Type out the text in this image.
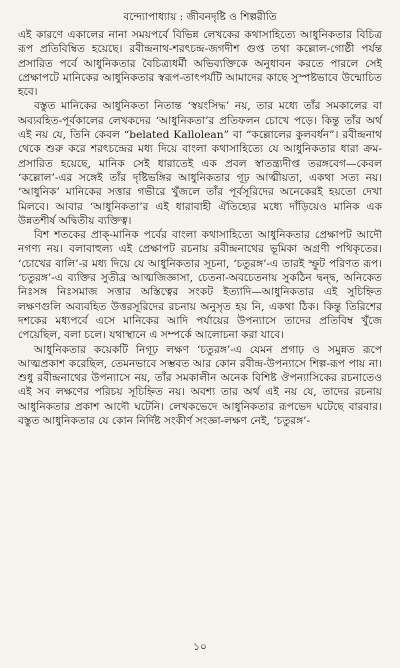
বন্দ্যোপাধ্যায় : জীবনদৃষ্টি ও শিল্পরীতি

এই কারণে একালের নানা সময়পর্বে বিভিন্ন লেখকের কথাসাহিত্যে আধুনিকতার বিচিত্র রূপ প্রতিবিম্বিত হয়েছে। রবীন্দ্রনাথ-শরৎচন্দ্র-জগদীশ গুপ্ত তথা কল্লোল-গোষ্ঠী পর্যন্ত প্রসারিত পর্বে আধুনিকতার বৈচিত্র্যধর্মী অভিব্যক্তিকে অনুধাবন করতে পারলে সেই প্রেক্ষাপটে মানিকের আধুনিকতার স্বরূপ-তাৎপর্যটি আমাদের কাছে সুস্পষ্টভাবে উন্মোচিত হবে।

বস্তুত মানিকের আধুনিকতা নিতান্ত ‘স্বয়ংসিদ্ধ’ নয়, তার মধ্যে তাঁর সমকালের বা অব্যবহিত-পূর্বকালের লেখকদের ‘আধুনিকতা’র প্রতিফলন চোখে পড়ে। কিন্তু তাঁর অর্থ এই নয় যে, তিনি কেবল “belated Kallolean” বা “কল্লোলের কুলবর্ধন”। রবীন্দ্রনাথ থেকে শুরু করে শরৎচন্দ্রের মধ্য দিয়ে বাংলা কথাসাহিত্যে যে আধুনিকতার ধারা ক্রম-প্রসারিত হয়েছে, মানিক সেই ধারাতেই এক প্রবল স্বাতন্ত্র্যদীপ্ত তরঙ্গবেগ—কেবল ‘কল্লোল’-এর সঙ্গেই তাঁর দৃষ্টিভঙ্গির আধুনিকতার গূঢ় আত্মীয়তা, একথা সত্য নয়। ‘আধুনিক’ মানিকের সত্তার গভীরে খুঁজলে তাঁর পূর্বসূরিদের অনেকেরই হয়তো দেখা মিলবে। আবার ‘আধুনিকতা’র এই ধারাবাহী ঐতিহ্যের মধ্যে দাঁড়িয়েও মানিক এক উন্নতশীর্ষ অদ্বিতীয় ব্যক্তিত্ব।

বিশ শতকের প্রাক্-মানিক পর্বের বাংলা কথাসাহিত্যে আধুনিকতার প্রেক্ষাপট আদৌ নগণ্য নয়। বলাবাহুল্য এই প্রেক্ষাপট রচনায় রবীন্দ্রনাথের ভূমিকা অগ্রণী পথিকৃতের। ‘চোখের বালি’-র মধ্য দিয়ে যে আধুনিকতার সূচনা, ‘চতুরঙ্গ’-এ তারই স্ফুট পরিণত রূপ। ‘চতুরঙ্গ’-এ ব্যক্তির সুতীব্র আত্মজিজ্ঞাসা, চেতনা-অবচেতনায় সুকঠিন দ্বন্দ্ব, অনিকেত নিঃসঙ্গ নিঃসমাজ সত্তার অস্তিত্বের সংকট ইত্যাদি—আধুনিকতার এই সুচিহ্নিত লক্ষণগুলি অব্যবহিত উত্তরসূরিদের রচনায় অনুসৃত হয় নি, একথা ঠিক। কিন্তু তিরিশের দশকের মধ্যপর্বে এসে মানিকের আদি পর্যায়ের উপন্যাসে তাদের প্রতিবিম্ব খুঁজে পেয়েছিল, বলা চলে। যথাস্থানে এ সম্পর্কে আলোচনা করা যাবে।

আধুনিকতার কয়েকটি নিগূঢ় লক্ষণ ‘চতুরঙ্গ’-এ যেমন প্রগাঢ় ও সমুন্নত রূপে আত্মপ্রকাশ করেছিল, তেমনভাবে সম্ভবত আর কোন রবীন্দ্র-উপন্যাসে শিল্প-রূপ পায় না। শুধু রবীন্দ্রনাথের উপন্যাসে নয়, তাঁর সমকালীন অনেক বিশিষ্ট ঔপন্যাসিকের রচনাতেও এই সব লক্ষণের পরিচয় সূচিহ্নিত নয়। অবশ্য তার অর্থ এই নয় যে, তাদের রচনায় আধুনিকতার প্রকাশ আদৌ ঘটেনি। লেখকভেদে আধুনিকতার রূপভেদ ঘটেছে বারবার। বস্তুত আধুনিকতার যে কোন নির্দিষ্ট সংকীর্ণ সংজ্ঞা-লক্ষণ নেই, ‘চতুরঙ্গ’-

১০
